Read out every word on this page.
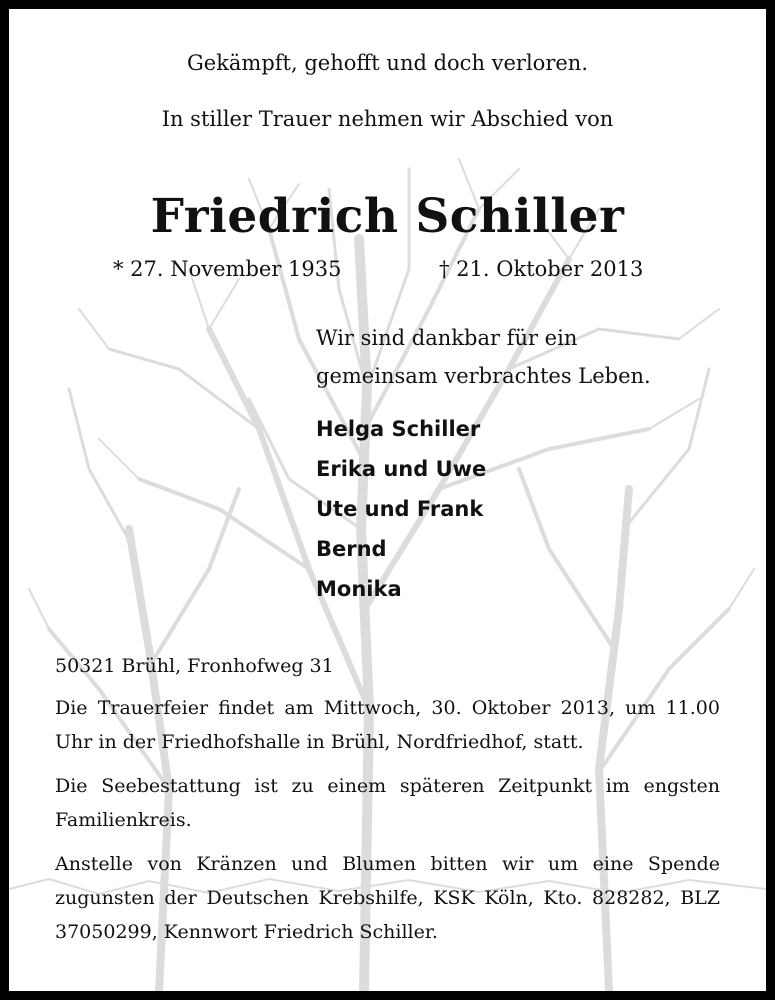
Gekämpft, gehofft und doch verloren.
In stiller Trauer nehmen wir Abschied von
Friedrich Schiller
* 27. November 1935	† 21. Oktober 2013
Wir sind dankbar für ein
gemeinsam verbrachtes Leben.
Helga Schiller
Erika und Uwe
Ute und Frank
Bernd
Monika

50321 Brühl, Fronhofweg 31

Die Trauerfeier findet am Mittwoch, 30. Oktober 2013, um 11.00 Uhr in der Friedhofshalle in Brühl, Nordfriedhof, statt.

Die Seebestattung ist zu einem späteren Zeitpunkt im engsten Familienkreis.

Anstelle von Kränzen und Blumen bitten wir um eine Spende zugunsten der Deutschen Krebshilfe, KSK Köln, Kto. 828282, BLZ 37050299, Kennwort Friedrich Schiller.
